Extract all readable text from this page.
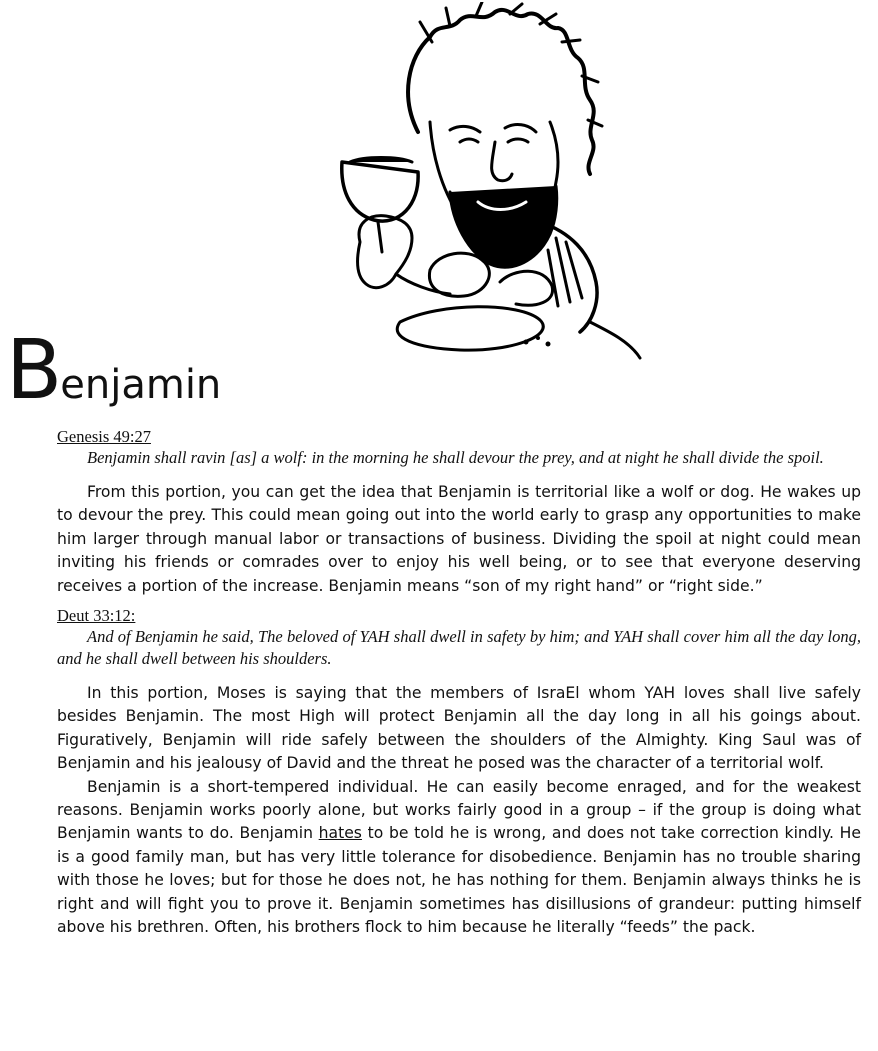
Benjamin

Genesis 49:27

Benjamin shall ravin [as] a wolf: in the morning he shall devour the prey, and at night he shall divide the spoil.

From this portion, you can get the idea that Benjamin is territorial like a wolf or dog. He wakes up to devour the prey. This could mean going out into the world early to grasp any opportunities to make him larger through manual labor or transactions of business. Dividing the spoil at night could mean inviting his friends or comrades over to enjoy his well being, or to see that everyone deserving receives a portion of the increase. Benjamin means “son of my right hand” or “right side.”

Deut 33:12:

And of Benjamin he said, The beloved of YAH shall dwell in safety by him; and YAH shall cover him all the day long, and he shall dwell between his shoulders.

In this portion, Moses is saying that the members of IsraEl whom YAH loves shall live safely besides Benjamin. The most High will protect Benjamin all the day long in all his goings about. Figuratively, Benjamin will ride safely between the shoulders of the Almighty. King Saul was of Benjamin and his jealousy of David and the threat he posed was the character of a territorial wolf.

Benjamin is a short-tempered individual. He can easily become enraged, and for the weakest reasons. Benjamin works poorly alone, but works fairly good in a group – if the group is doing what Benjamin wants to do. Benjamin hates to be told he is wrong, and does not take correction kindly. He is a good family man, but has very little tolerance for disobedience. Benjamin has no trouble sharing with those he loves; but for those he does not, he has nothing for them. Benjamin always thinks he is right and will fight you to prove it. Benjamin sometimes has disillusions of grandeur: putting himself above his brethren. Often, his brothers flock to him because he literally “feeds” the pack.
